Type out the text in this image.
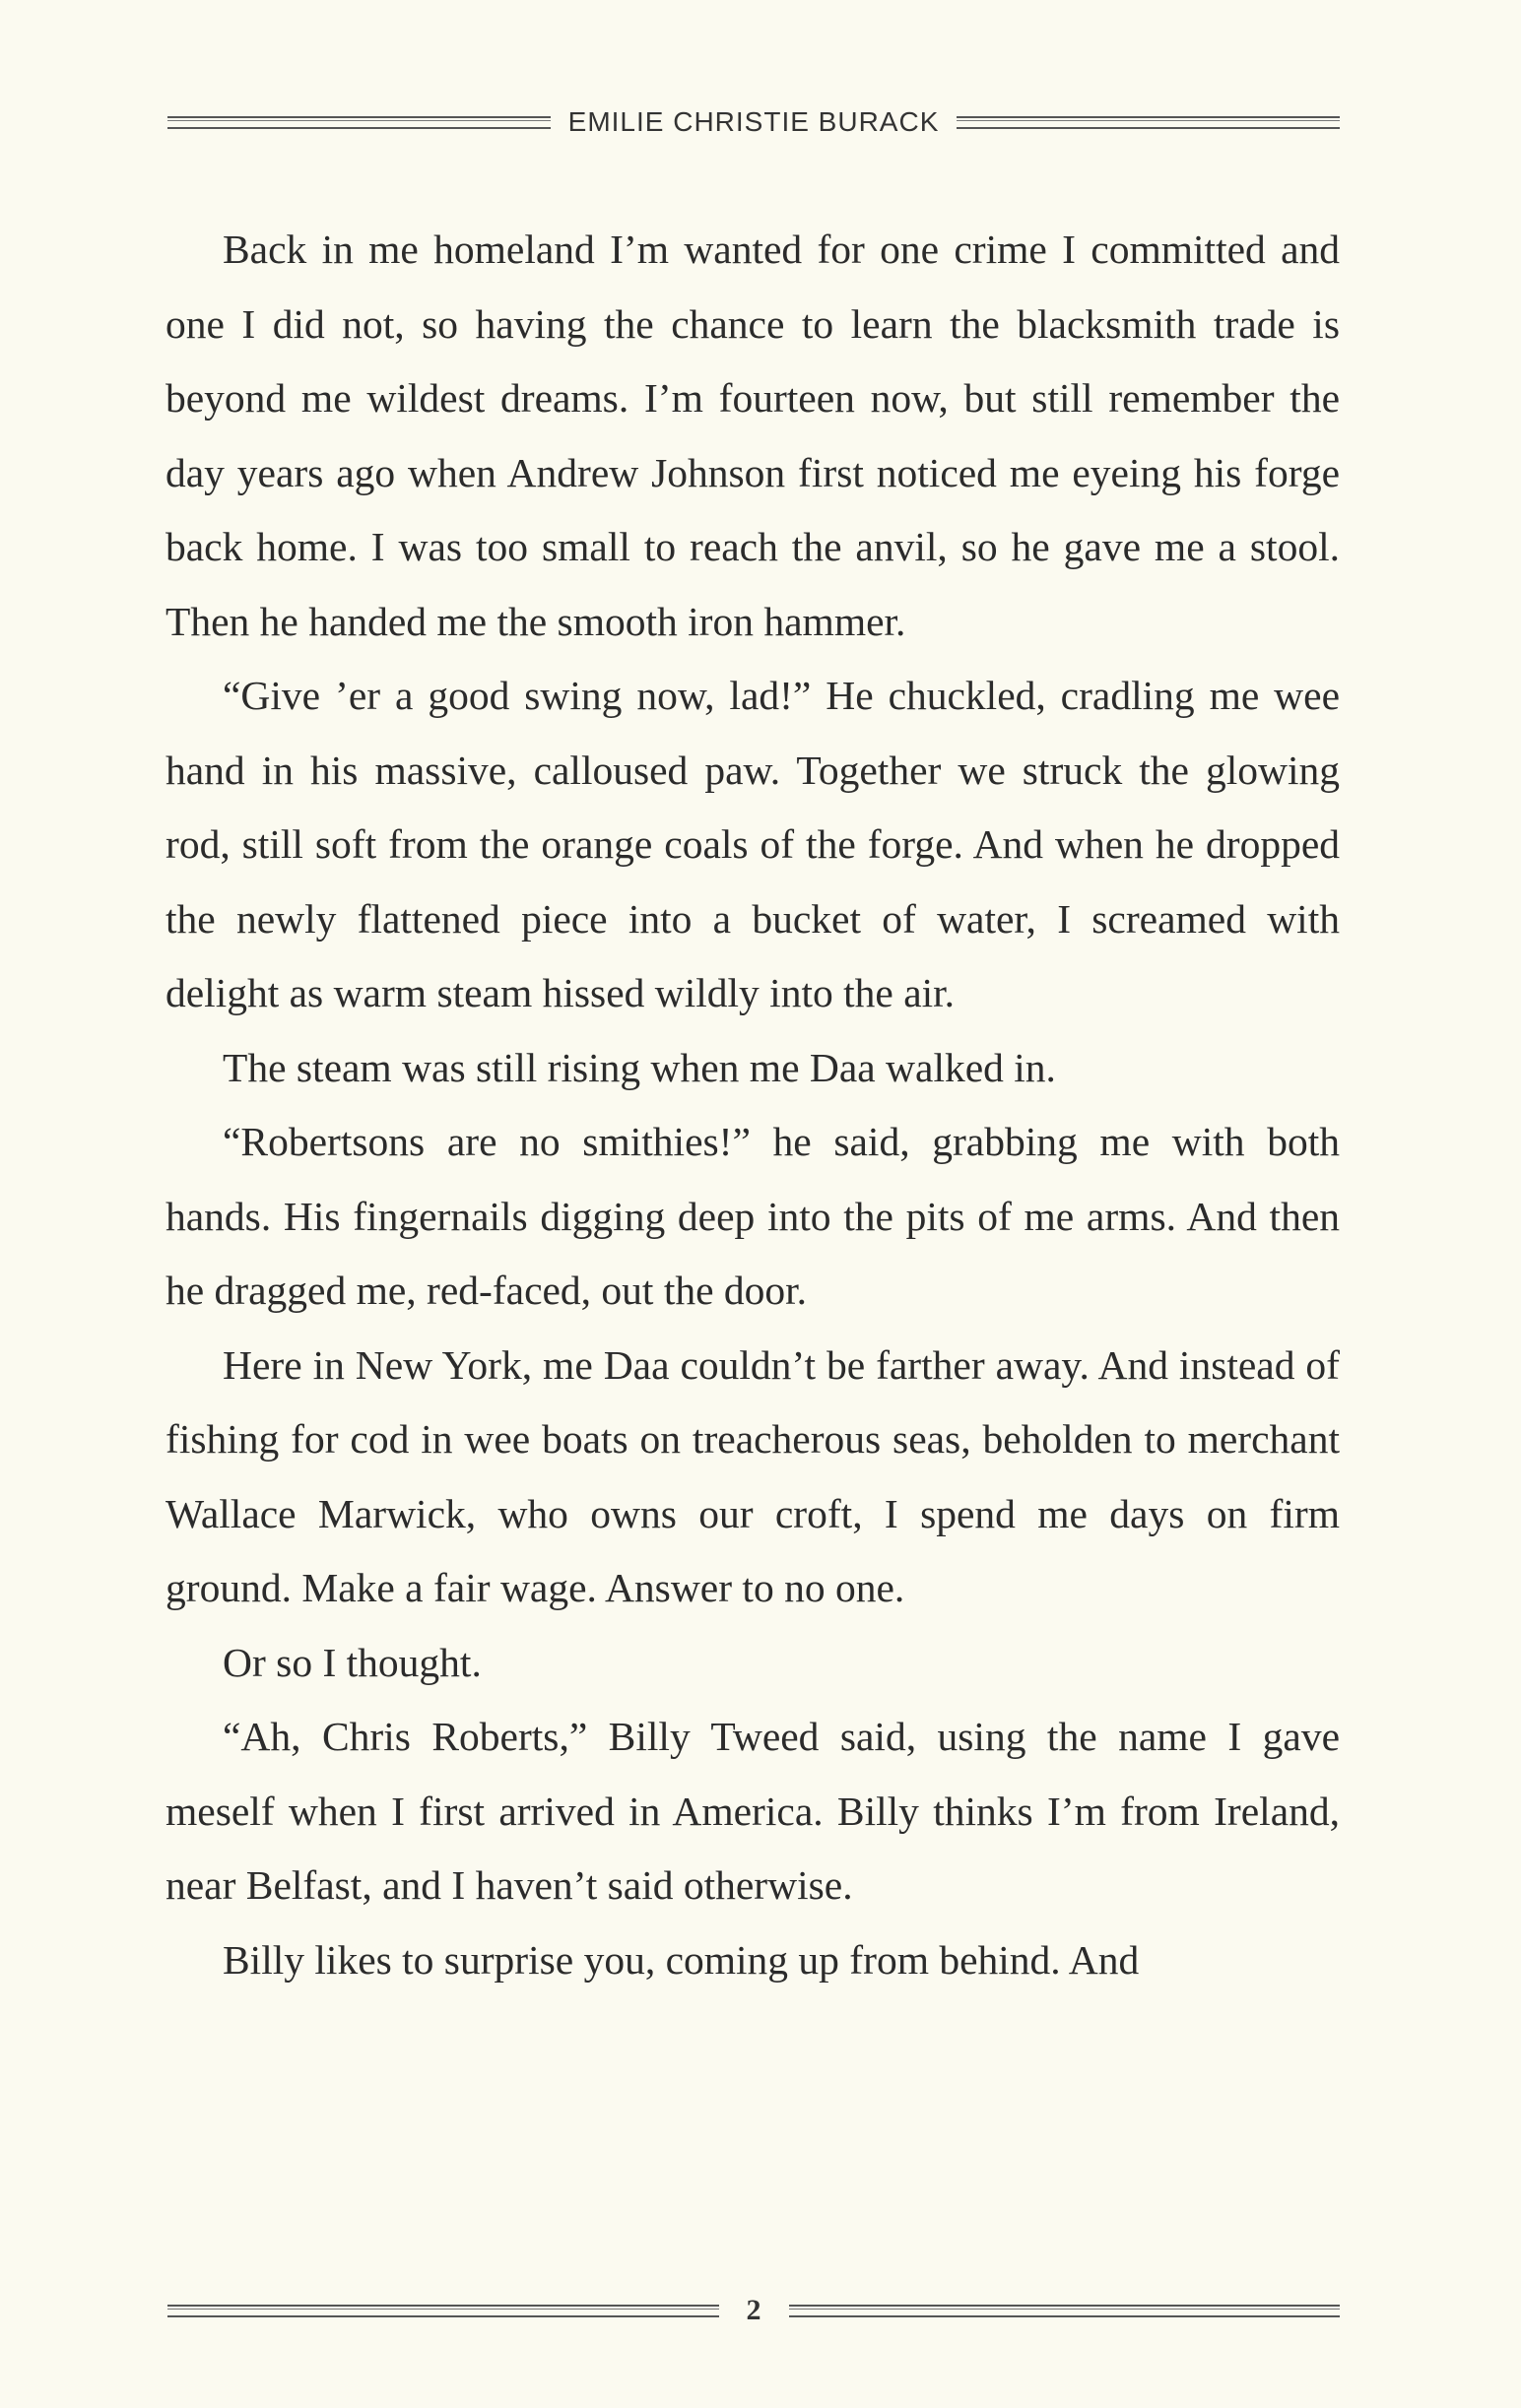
EMILIE CHRISTIE BURACK

Back in me homeland I’m wanted for one crime I committed and one I did not, so having the chance to learn the blacksmith trade is beyond me wildest dreams. I’m fourteen now, but still remember the day years ago when Andrew Johnson first noticed me eyeing his forge back home. I was too small to reach the anvil, so he gave me a stool. Then he handed me the smooth iron hammer.

“Give ’er a good swing now, lad!” He chuckled, cradling me wee hand in his massive, calloused paw. Together we struck the glowing rod, still soft from the orange coals of the forge. And when he dropped the newly flattened piece into a bucket of water, I screamed with delight as warm steam hissed wildly into the air.

The steam was still rising when me Daa walked in.

“Robertsons are no smithies!” he said, grabbing me with both hands. His fingernails digging deep into the pits of me arms. And then he dragged me, red-faced, out the door.

Here in New York, me Daa couldn’t be farther away. And instead of fishing for cod in wee boats on treacherous seas, beholden to merchant Wallace Marwick, who owns our croft, I spend me days on firm ground. Make a fair wage. Answer to no one.

Or so I thought.

“Ah, Chris Roberts,” Billy Tweed said, using the name I gave meself when I first arrived in America. Billy thinks I’m from Ireland, near Belfast, and I haven’t said otherwise.

Billy likes to surprise you, coming up from behind. And

2
